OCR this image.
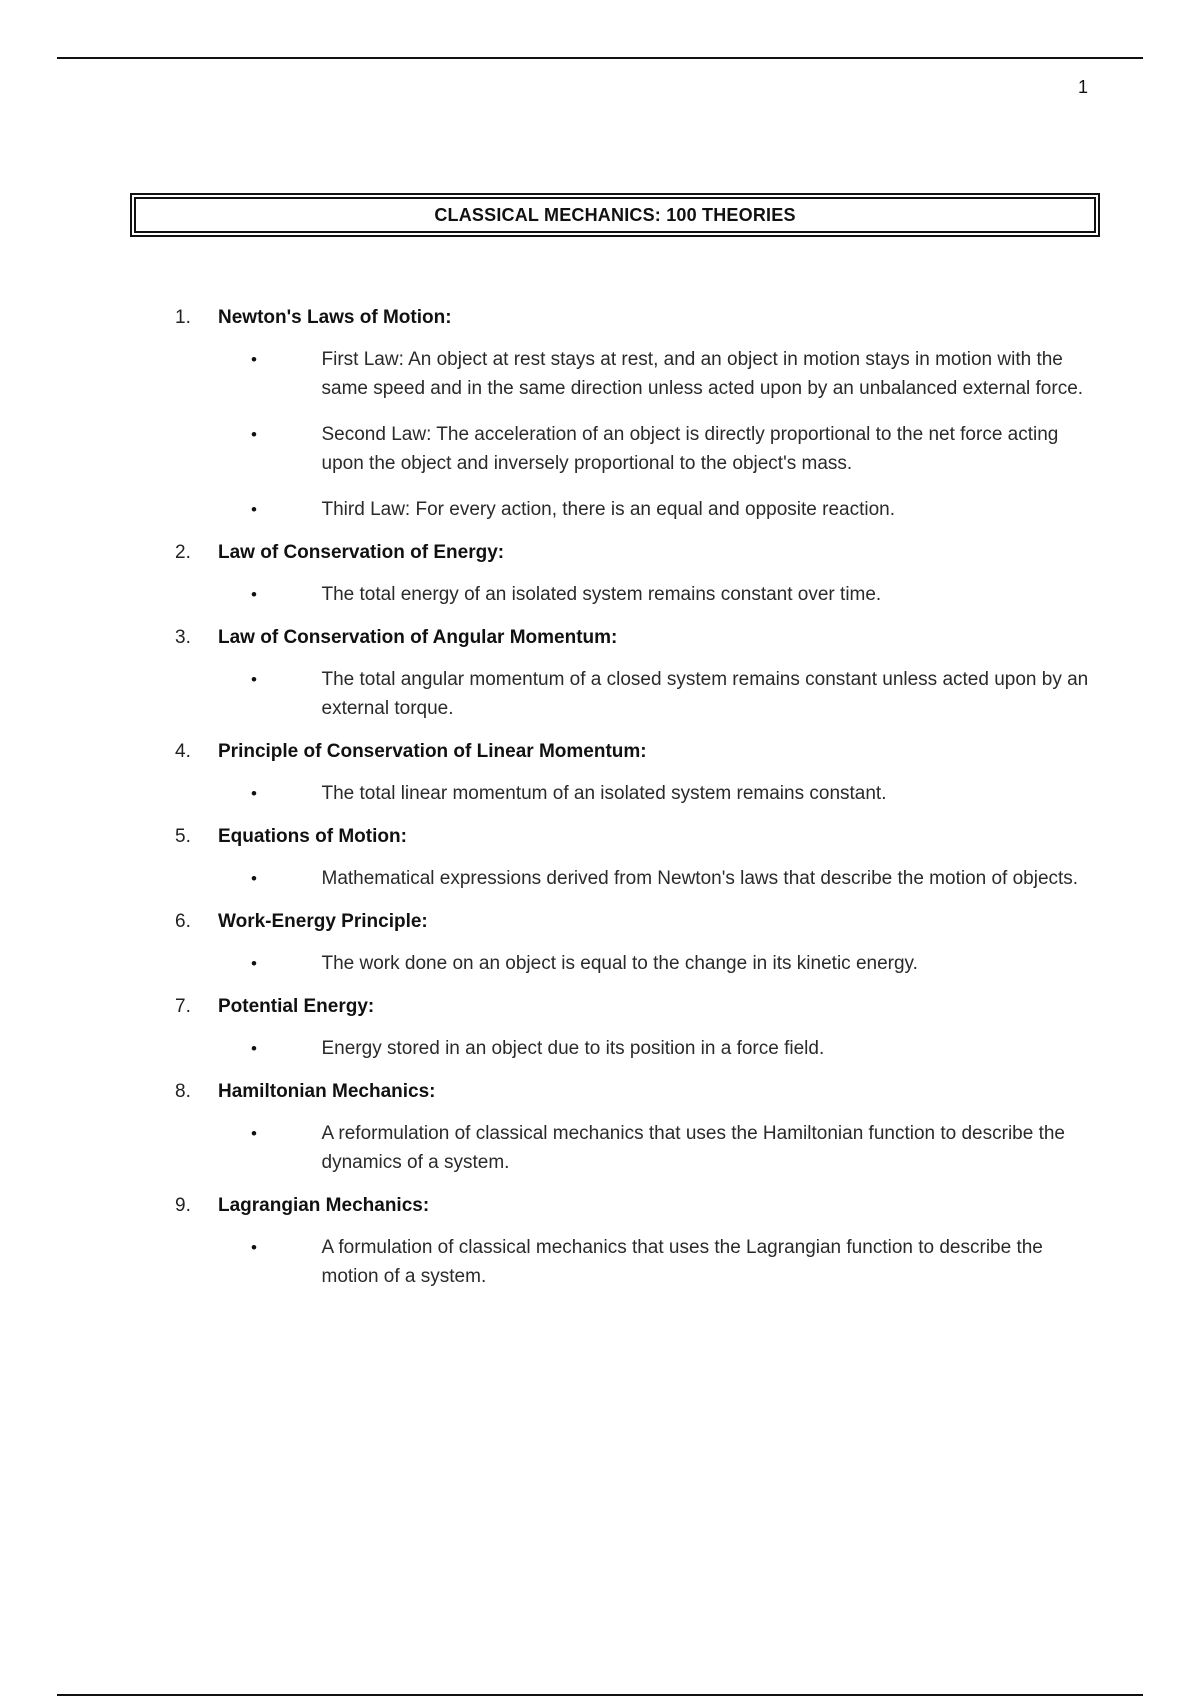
1
CLASSICAL MECHANICS: 100 THEORIES
1.	Newton's Laws of Motion:
•	First Law: An object at rest stays at rest, and an object in motion stays in motion with the same speed and in the same direction unless acted upon by an unbalanced external force.
•	Second Law: The acceleration of an object is directly proportional to the net force acting upon the object and inversely proportional to the object's mass.
•	Third Law: For every action, there is an equal and opposite reaction.
2.	Law of Conservation of Energy:
•	The total energy of an isolated system remains constant over time.
3.	Law of Conservation of Angular Momentum:
•	The total angular momentum of a closed system remains constant unless acted upon by an external torque.
4.	Principle of Conservation of Linear Momentum:
•	The total linear momentum of an isolated system remains constant.
5.	Equations of Motion:
•	Mathematical expressions derived from Newton's laws that describe the motion of objects.
6.	Work-Energy Principle:
•	The work done on an object is equal to the change in its kinetic energy.
7.	Potential Energy:
•	Energy stored in an object due to its position in a force field.
8.	Hamiltonian Mechanics:
•	A reformulation of classical mechanics that uses the Hamiltonian function to describe the dynamics of a system.
9.	Lagrangian Mechanics:
•	A formulation of classical mechanics that uses the Lagrangian function to describe the motion of a system.
